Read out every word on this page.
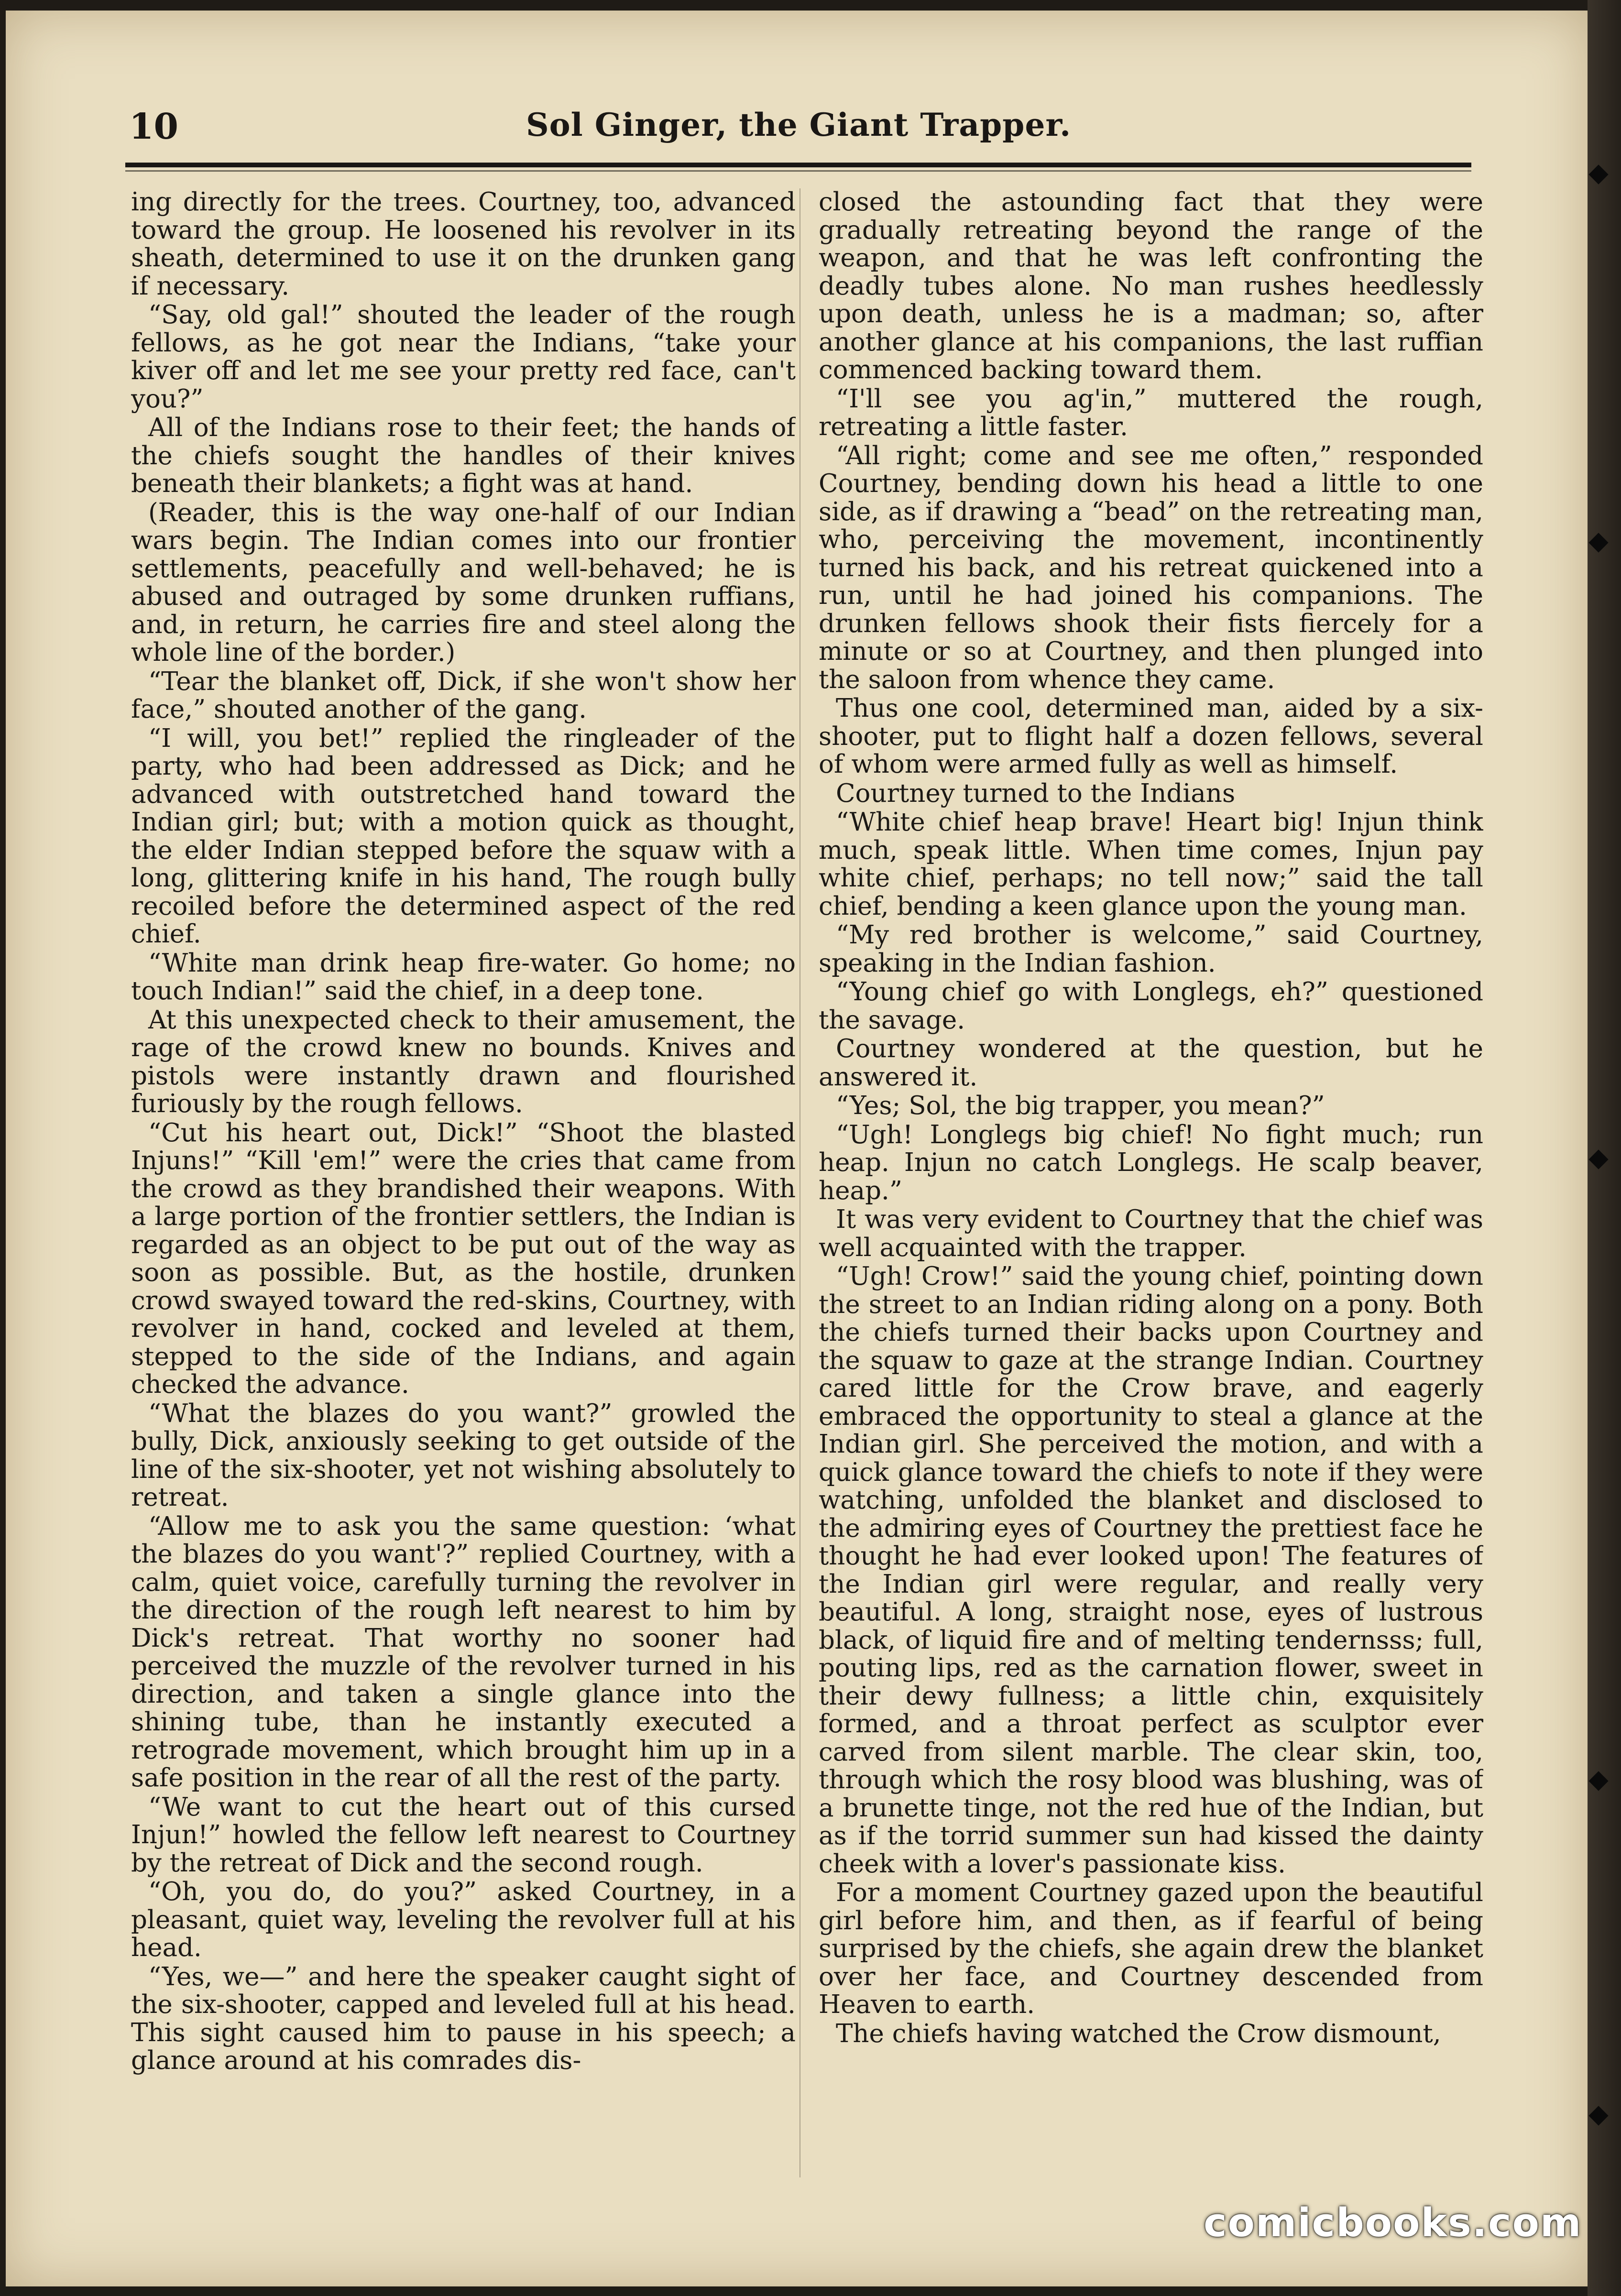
10	Sol Ginger, the Giant Trapper.

ing directly for the trees. Courtney, too, advanced toward the group. He loosened his revolver in its sheath, determined to use it on the drunken gang if necessary.

“Say, old gal!” shouted the leader of the rough fellows, as he got near the Indians, “take your kiver off and let me see your pretty red face, can't you?”

All of the Indians rose to their feet; the hands of the chiefs sought the handles of their knives beneath their blankets; a fight was at hand.

(Reader, this is the way one-half of our Indian wars begin. The Indian comes into our frontier settlements, peacefully and well-behaved; he is abused and outraged by some drunken ruffians, and, in return, he carries fire and steel along the whole line of the border.)

“Tear the blanket off, Dick, if she won't show her face,” shouted another of the gang.

“I will, you bet!” replied the ringleader of the party, who had been addressed as Dick; and he advanced with outstretched hand toward the Indian girl; but; with a motion quick as thought, the elder Indian stepped before the squaw with a long, glittering knife in his hand, The rough bully recoiled before the determined aspect of the red chief.

“White man drink heap fire-water. Go home; no touch Indian!” said the chief, in a deep tone.

At this unexpected check to their amusement, the rage of the crowd knew no bounds. Knives and pistols were instantly drawn and flourished furiously by the rough fellows.

“Cut his heart out, Dick!” “Shoot the blasted Injuns!” “Kill 'em!” were the cries that came from the crowd as they brandished their weapons. With a large portion of the frontier settlers, the Indian is regarded as an object to be put out of the way as soon as possible. But, as the hostile, drunken crowd swayed toward the red-skins, Courtney, with revolver in hand, cocked and leveled at them, stepped to the side of the Indians, and again checked the advance.

“What the blazes do you want?” growled the bully, Dick, anxiously seeking to get outside of the line of the six-shooter, yet not wishing absolutely to retreat.

“Allow me to ask you the same question: ‘what the blazes do you want'?” replied Courtney, with a calm, quiet voice, carefully turning the revolver in the direction of the rough left nearest to him by Dick's retreat. That worthy no sooner had perceived the muzzle of the revolver turned in his direction, and taken a single glance into the shining tube, than he instantly executed a retrograde movement, which brought him up in a safe position in the rear of all the rest of the party.

“We want to cut the heart out of this cursed Injun!” howled the fellow left nearest to Courtney by the retreat of Dick and the second rough.

“Oh, you do, do you?” asked Courtney, in a pleasant, quiet way, leveling the revolver full at his head.

“Yes, we—” and here the speaker caught sight of the six-shooter, capped and leveled full at his head. This sight caused him to pause in his speech; a glance around at his comrades dis-

closed the astounding fact that they were gradually retreating beyond the range of the weapon, and that he was left confronting the deadly tubes alone. No man rushes heedlessly upon death, unless he is a madman; so, after another glance at his companions, the last ruffian commenced backing toward them.

“I'll see you ag'in,” muttered the rough, retreating a little faster.

“All right; come and see me often,” responded Courtney, bending down his head a little to one side, as if drawing a “bead” on the retreating man, who, perceiving the movement, incontinently turned his back, and his retreat quickened into a run, until he had joined his companions. The drunken fellows shook their fists fiercely for a minute or so at Courtney, and then plunged into the saloon from whence they came.

Thus one cool, determined man, aided by a six-shooter, put to flight half a dozen fellows, several of whom were armed fully as well as himself.

Courtney turned to the Indians

“White chief heap brave! Heart big! Injun think much, speak little. When time comes, Injun pay white chief, perhaps; no tell now;” said the tall chief, bending a keen glance upon the young man.

“My red brother is welcome,” said Courtney, speaking in the Indian fashion.

“Young chief go with Longlegs, eh?” questioned the savage.

Courtney wondered at the question, but he answered it.

“Yes; Sol, the big trapper, you mean?”

“Ugh! Longlegs big chief! No fight much; run heap. Injun no catch Longlegs. He scalp beaver, heap.”

It was very evident to Courtney that the chief was well acquainted with the trapper.

“Ugh! Crow!” said the young chief, pointing down the street to an Indian riding along on a pony. Both the chiefs turned their backs upon Courtney and the squaw to gaze at the strange Indian. Courtney cared little for the Crow brave, and eagerly embraced the opportunity to steal a glance at the Indian girl. She perceived the motion, and with a quick glance toward the chiefs to note if they were watching, unfolded the blanket and disclosed to the admiring eyes of Courtney the prettiest face he thought he had ever looked upon! The features of the Indian girl were regular, and really very beautiful. A long, straight nose, eyes of lustrous black, of liquid fire and of melting tendernsss; full, pouting lips, red as the carnation flower, sweet in their dewy fullness; a little chin, exquisitely formed, and a throat perfect as sculptor ever carved from silent marble. The clear skin, too, through which the rosy blood was blushing, was of a brunette tinge, not the red hue of the Indian, but as if the torrid summer sun had kissed the dainty cheek with a lover's passionate kiss.

For a moment Courtney gazed upon the beautiful girl before him, and then, as if fearful of being surprised by the chiefs, she again drew the blanket over her face, and Courtney descended from Heaven to earth.

The chiefs having watched the Crow dismount,

comicbooks.com
◆
◆
◆
◆
◆
